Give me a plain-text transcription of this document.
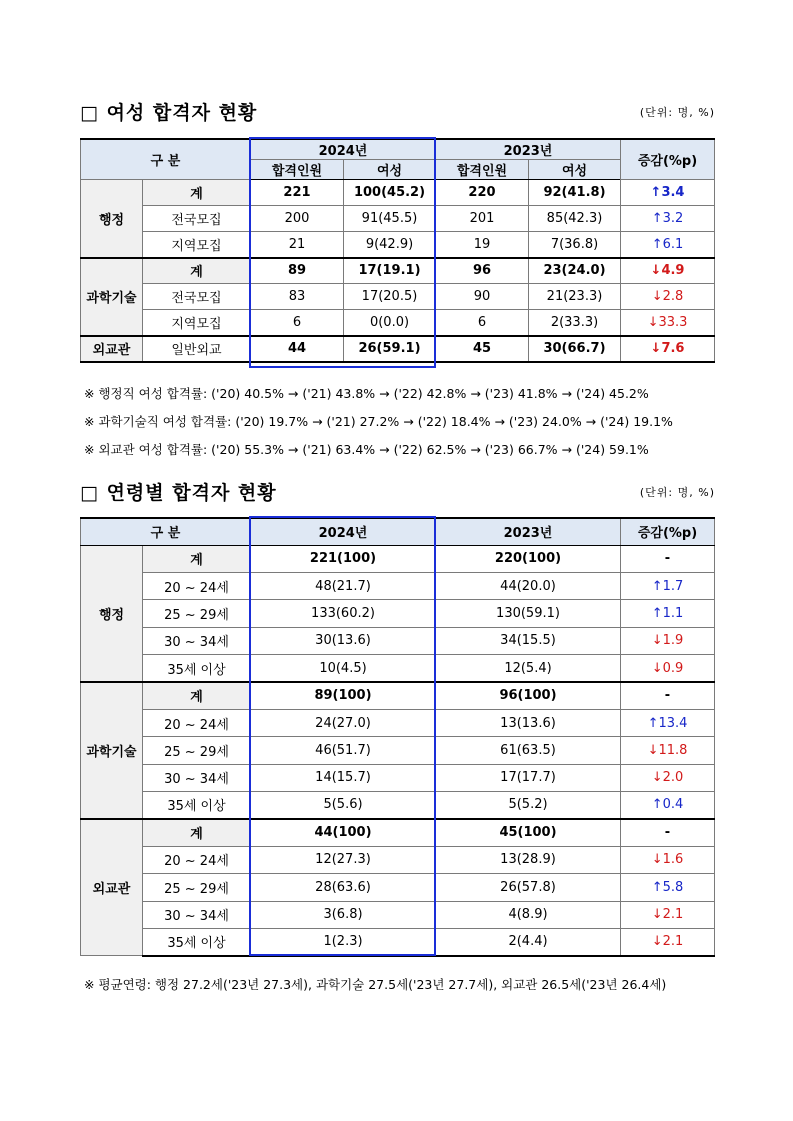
□ 여성 합격자 현황	(단위: 명, %)
구 분		2024년		2023년		증감(%p)
		합격인원	여성	합격인원	여성	
행정	계	221	100(45.2)	220	92(41.8)	↑3.4
	전국모집	200	91(45.5)	201	85(42.3)	↑3.2
	지역모집	21	9(42.9)	19	7(36.8)	↑6.1
과학기술	계	89	17(19.1)	96	23(24.0)	↓4.9
	전국모집	83	17(20.5)	90	21(23.3)	↓2.8
	지역모집	6	0(0.0)	6	2(33.3)	↓33.3
외교관	일반외교	44	26(59.1)	45	30(66.7)	↓7.6
※ 행정직 여성 합격률: ('20) 40.5% → ('21) 43.8% → ('22) 42.8% → ('23) 41.8% → ('24) 45.2%
※ 과학기술직 여성 합격률: ('20) 19.7% → ('21) 27.2% → ('22) 18.4% → ('23) 24.0% → ('24) 19.1%
※ 외교관 여성 합격률: ('20) 55.3% → ('21) 63.4% → ('22) 62.5% → ('23) 66.7% → ('24) 59.1%
□ 연령별 합격자 현황	(단위: 명, %)
구 분		2024년	2023년	증감(%p)
행정	계	221(100)	220(100)	-
	20 ~ 24세	48(21.7)	44(20.0)	↑1.7
	25 ~ 29세	133(60.2)	130(59.1)	↑1.1
	30 ~ 34세	30(13.6)	34(15.5)	↓1.9
	35세 이상	10(4.5)	12(5.4)	↓0.9
과학기술	계	89(100)	96(100)	-
	20 ~ 24세	24(27.0)	13(13.6)	↑13.4
	25 ~ 29세	46(51.7)	61(63.5)	↓11.8
	30 ~ 34세	14(15.7)	17(17.7)	↓2.0
	35세 이상	5(5.6)	5(5.2)	↑0.4
외교관	계	44(100)	45(100)	-
	20 ~ 24세	12(27.3)	13(28.9)	↓1.6
	25 ~ 29세	28(63.6)	26(57.8)	↑5.8
	30 ~ 34세	3(6.8)	4(8.9)	↓2.1
	35세 이상	1(2.3)	2(4.4)	↓2.1
※ 평균연령: 행정 27.2세('23년 27.3세), 과학기술 27.5세('23년 27.7세), 외교관 26.5세('23년 26.4세)
